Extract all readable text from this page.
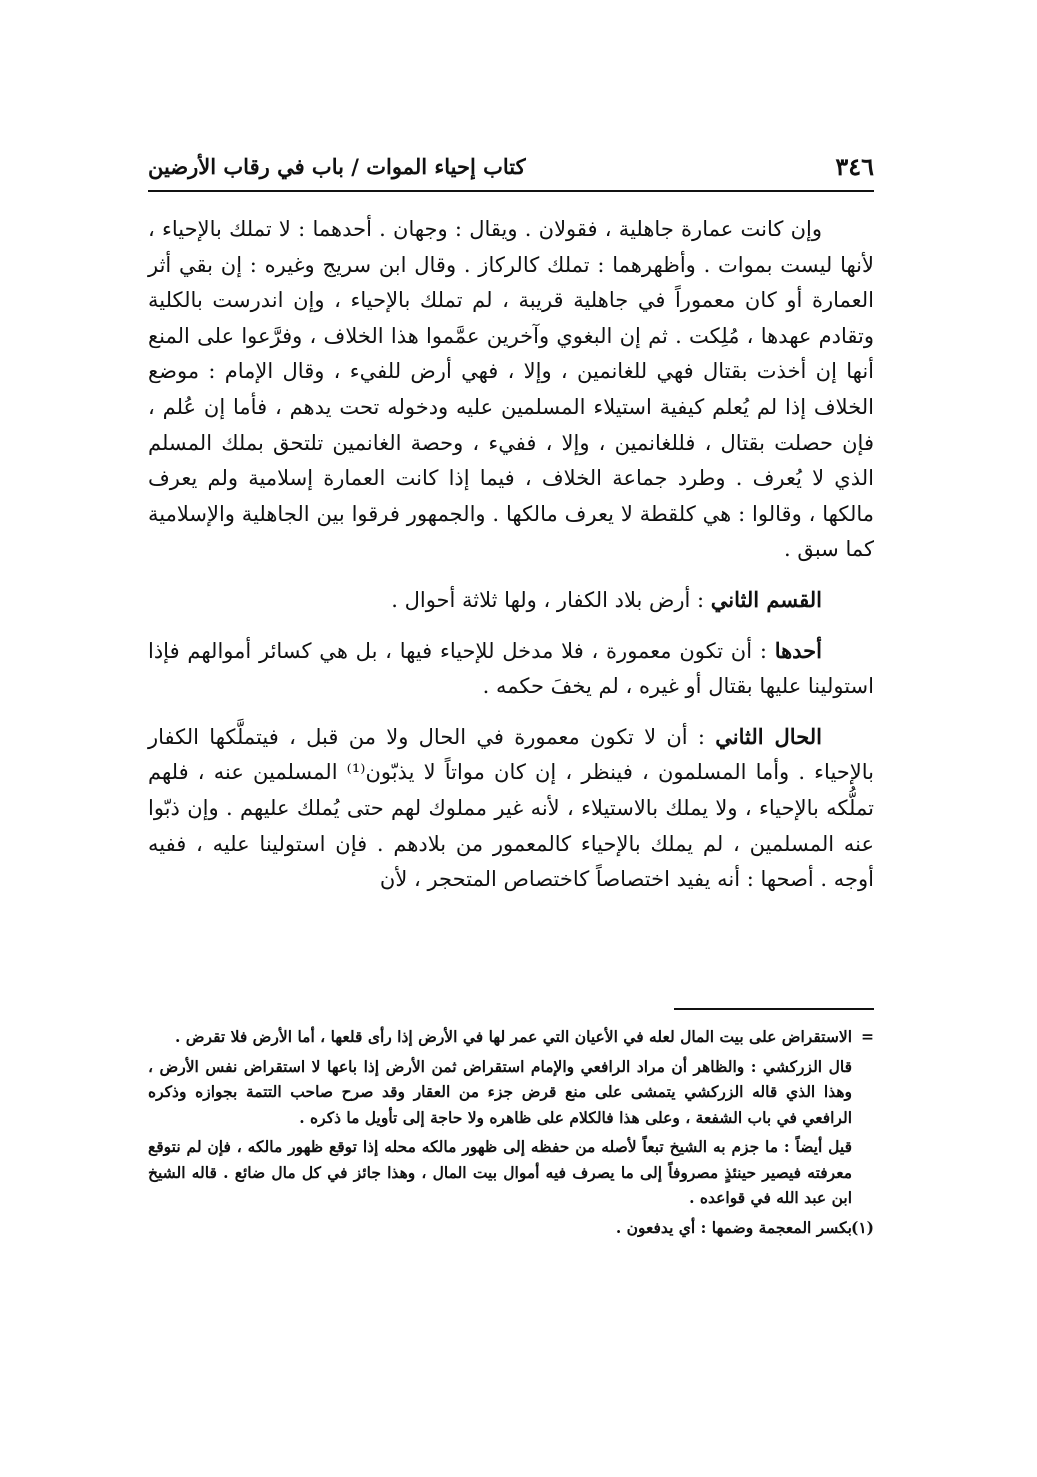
٣٤٦
كتاب إحياء الموات / باب في رقاب الأرضين

وإن كانت عمارة جاهلية ، فقولان . ويقال : وجهان . أحدهما : لا تملك بالإحياء ، لأنها ليست بموات . وأظهرهما : تملك كالركاز . وقال ابن سريج وغيره : إن بقي أثر العمارة أو كان معموراً في جاهلية قريبة ، لم تملك بالإحياء ، وإن اندرست بالكلية وتقادم عهدها ، مُلِكت . ثم إن البغوي وآخرين عمَّموا هذا الخلاف ، وفرَّعوا على المنع أنها إن أخذت بقتال فهي للغانمين ، وإلا ، فهي أرض للفيء ، وقال الإمام : موضع الخلاف إذا لم يُعلم كيفية استيلاء المسلمين عليه ودخوله تحت يدهم ، فأما إن عُلم ، فإن حصلت بقتال ، فللغانمين ، وإلا ، ففيء ، وحصة الغانمين تلتحق بملك المسلم الذي لا يُعرف . وطرد جماعة الخلاف ، فيما إذا كانت العمارة إسلامية ولم يعرف مالكها ، وقالوا : هي كلقطة لا يعرف مالكها . والجمهور فرقوا بين الجاهلية والإسلامية كما سبق .

القسم الثاني : أرض بلاد الكفار ، ولها ثلاثة أحوال .

أحدها : أن تكون معمورة ، فلا مدخل للإحياء فيها ، بل هي كسائر أموالهم فإذا استولينا عليها بقتال أو غيره ، لم يخفَ حكمه .

الحال الثاني : أن لا تكون معمورة في الحال ولا من قبل ، فيتملَّكها الكفار بالإحياء . وأما المسلمون ، فينظر ، إن كان مواتاً لا يذبّون⁽¹⁾ المسلمين عنه ، فلهم تملُّكه بالإحياء ، ولا يملك بالاستيلاء ، لأنه غير مملوك لهم حتى يُملك عليهم . وإن ذبّوا عنه المسلمين ، لم يملك بالإحياء كالمعمور من بلادهم . فإن استولينا عليه ، ففيه أوجه . أصحها : أنه يفيد اختصاصاً كاختصاص المتحجر ، لأن

=الاستقراض على بيت المال لعله في الأعيان التي عمر لها في الأرض إذا رأى قلعها ، أما الأرض فلا تقرض .

قال الزركشي : والظاهر أن مراد الرافعي والإمام استقراض ثمن الأرض إذا باعها لا استقراض نفس الأرض ، وهذا الذي قاله الزركشي يتمشى على منع قرض جزء من العقار وقد صرح صاحب التتمة بجوازه وذكره الرافعي في باب الشفعة ، وعلى هذا فالكلام على ظاهره ولا حاجة إلى تأويل ما ذكره .

قيل أيضاً : ما جزم به الشيخ تبعاً لأصله من حفظه إلى ظهور مالكه محله إذا توقع ظهور مالكه ، فإن لم نتوقع معرفته فيصير حينئذٍ مصروفاً إلى ما يصرف فيه أموال بيت المال ، وهذا جائز في كل مال ضائع . قاله الشيخ ابن عبد الله في قواعده .

(١)بكسر المعجمة وضمها : أي يدفعون .
